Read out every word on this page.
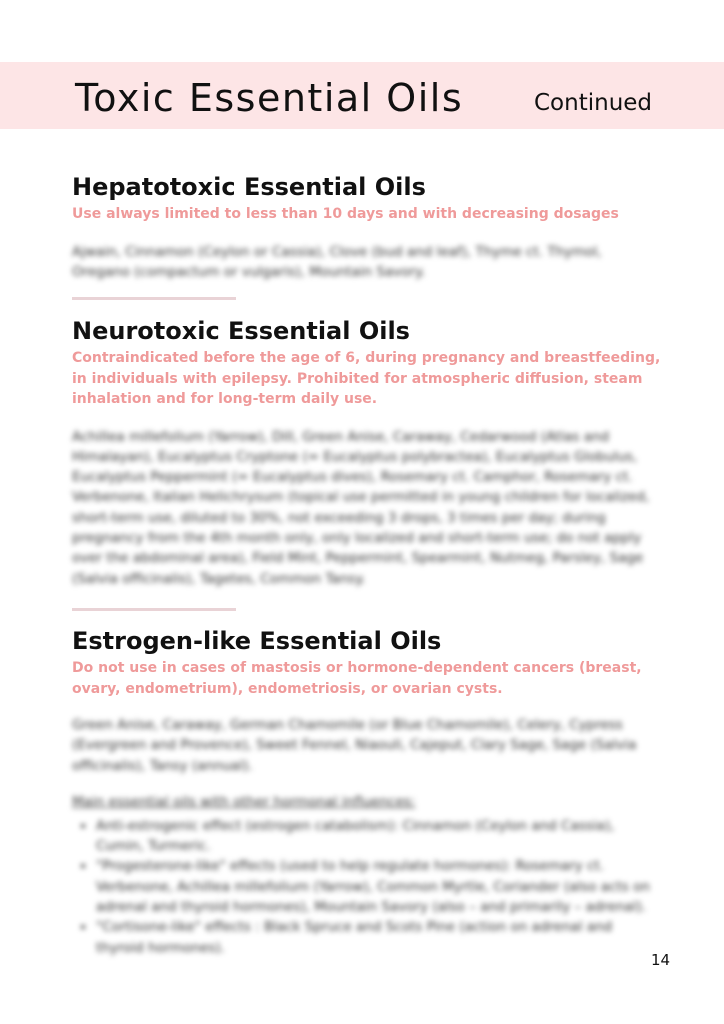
Toxic Essential Oils	Continued
Hepatotoxic Essential Oils

Use always limited to less than 10 days and with decreasing dosages

Ajwain, Cinnamon (Ceylon or Cassia), Clove (bud and leaf), Thyme ct. Thymol, Oregano (compactum or vulgaris), Mountain Savory.

Neurotoxic Essential Oils

Contraindicated before the age of 6, during pregnancy and breastfeeding, in individuals with epilepsy. Prohibited for atmospheric diffusion, steam inhalation and for long-term daily use.

Achillea millefolium (Yarrow), Dill, Green Anise, Caraway, Cedarwood (Atlas and Himalayan), Eucalyptus Cryptone (= Eucalyptus polybractea), Eucalyptus Globulus, Eucalyptus Peppermint (= Eucalyptus dives), Rosemary ct. Camphor, Rosemary ct. Verbenone, Italian Helichrysum (topical use permitted in young children for localized, short-term use, diluted to 30%, not exceeding 3 drops, 3 times per day; during pregnancy from the 4th month only, only localized and short-term use; do not apply over the abdominal area), Field Mint, Peppermint, Spearmint, Nutmeg, Parsley, Sage (Salvia officinalis), Tagetes, Common Tansy.

Estrogen-like Essential Oils

Do not use in cases of mastosis or hormone-dependent cancers (breast, ovary, endometrium), endometriosis, or ovarian cysts.

Green Anise, Caraway, German Chamomile (or Blue Chamomile), Celery, Cypress (Evergreen and Provence), Sweet Fennel, Niaouli, Cajeput, Clary Sage, Sage (Salvia officinalis), Tansy (annual).

Main essential oils with other hormonal influences:

• Anti-estrogenic effect (estrogen catabolism): Cinnamon (Ceylon and Cassia), Cumin, Turmeric.
• "Progesterone-like" effects (used to help regulate hormones): Rosemary ct. Verbenone, Achillea millefolium (Yarrow), Common Myrtle, Coriander (also acts on adrenal and thyroid hormones), Mountain Savory (also – and primarily – adrenal).
• "Cortisone-like" effects : Black Spruce and Scots Pine (action on adrenal and thyroid hormones).
14
